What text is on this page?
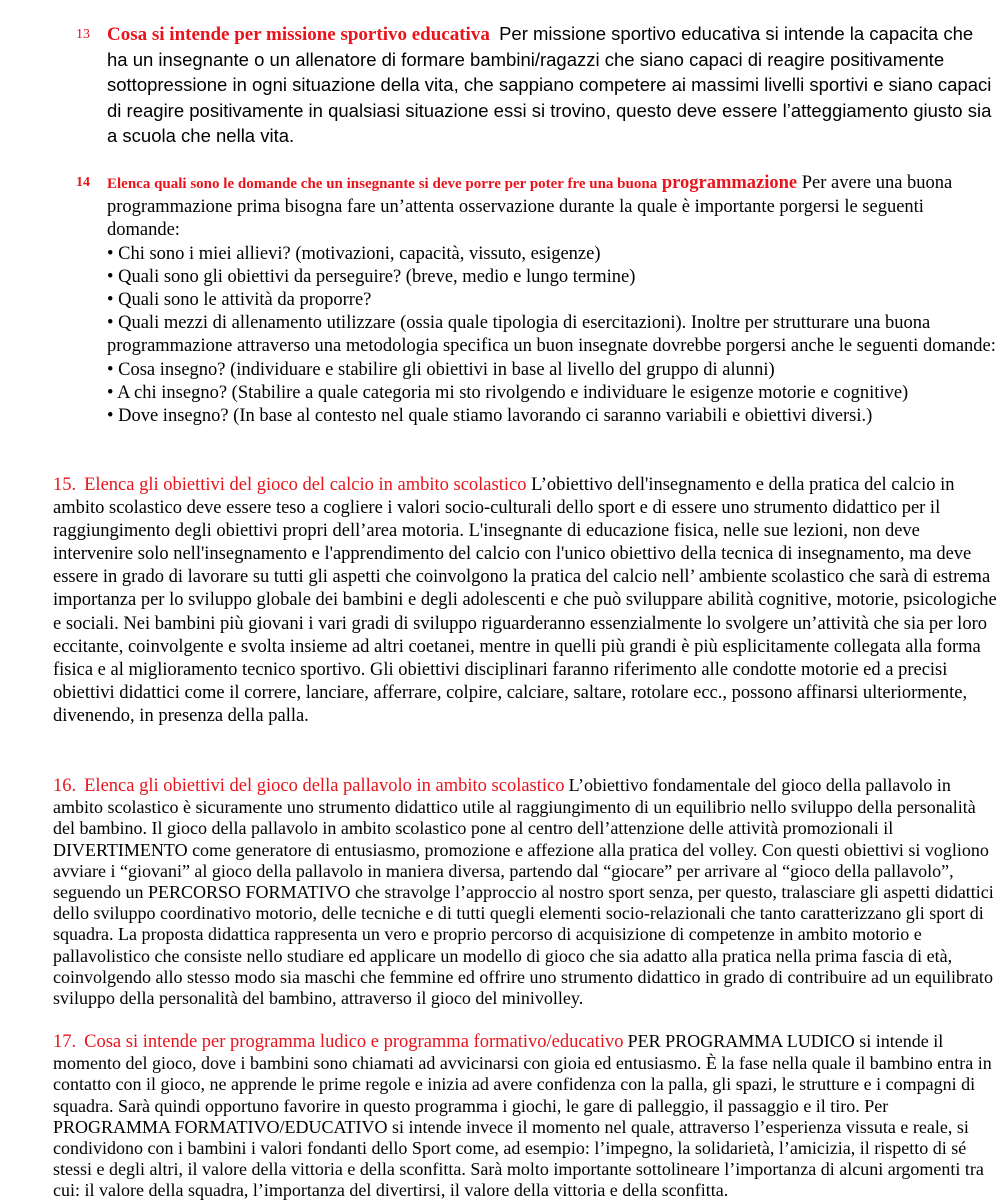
13 Cosa si intende per missione sportivo educativa Per missione sportivo educativa si intende la capacita che ha un insegnante o un allenatore di formare bambini/ragazzi che siano capaci di reagire positivamente sottopressione in ogni situazione della vita, che sappiano competere ai massimi livelli sportivi e siano capaci di reagire positivamente in qualsiasi situazione essi si trovino, questo deve essere l’atteggiamento giusto sia a scuola che nella vita.

14 Elenca quali sono le domande che un insegnante si deve porre per poter fre una buona programmazione Per avere una buona programmazione prima bisogna fare un’attenta osservazione durante la quale è importante porgersi le seguenti domande:

• Chi sono i miei allievi? (motivazioni, capacità, vissuto, esigenze)
• Quali sono gli obiettivi da perseguire? (breve, medio e lungo termine)
• Quali sono le attività da proporre?
• Quali mezzi di allenamento utilizzare (ossia quale tipologia di esercitazioni). Inoltre per strutturare una buona programmazione attraverso una metodologia specifica un buon insegnate dovrebbe porgersi anche le seguenti domande:
• Cosa insegno? (individuare e stabilire gli obiettivi in base al livello del gruppo di alunni)
• A chi insegno? (Stabilire a quale categoria mi sto rivolgendo e individuare le esigenze motorie e cognitive)
• Dove insegno? (In base al contesto nel quale stiamo lavorando ci saranno variabili e obiettivi diversi.)

15. Elenca gli obiettivi del gioco del calcio in ambito scolastico L’obiettivo dell'insegnamento e della pratica del calcio in ambito scolastico deve essere teso a cogliere i valori socio-culturali dello sport e di essere uno strumento didattico per il raggiungimento degli obiettivi propri dell’area motoria. L'insegnante di educazione fisica, nelle sue lezioni, non deve intervenire solo nell'insegnamento e l'apprendimento del calcio con l'unico obiettivo della tecnica di insegnamento, ma deve essere in grado di lavorare su tutti gli aspetti che coinvolgono la pratica del calcio nell’ ambiente scolastico che sarà di estrema importanza per lo sviluppo globale dei bambini e degli adolescenti e che può sviluppare abilità cognitive, motorie, psicologiche e sociali. Nei bambini più giovani i vari gradi di sviluppo riguarderanno essenzialmente lo svolgere un’attività che sia per loro eccitante, coinvolgente e svolta insieme ad altri coetanei, mentre in quelli più grandi è più esplicitamente collegata alla forma fisica e al miglioramento tecnico sportivo. Gli obiettivi disciplinari faranno riferimento alle condotte motorie ed a precisi obiettivi didattici come il correre, lanciare, afferrare, colpire, calciare, saltare, rotolare ecc., possono affinarsi ulteriormente, divenendo, in presenza della palla.

16. Elenca gli obiettivi del gioco della pallavolo in ambito scolastico L’obiettivo fondamentale del gioco della pallavolo in ambito scolastico è sicuramente uno strumento didattico utile al raggiungimento di un equilibrio nello sviluppo della personalità del bambino. Il gioco della pallavolo in ambito scolastico pone al centro dell’attenzione delle attività promozionali il DIVERTIMENTO come generatore di entusiasmo, promozione e affezione alla pratica del volley. Con questi obiettivi si vogliono avviare i “giovani” al gioco della pallavolo in maniera diversa, partendo dal “giocare” per arrivare al “gioco della pallavolo”, seguendo un PERCORSO FORMATIVO che stravolge l’approccio al nostro sport senza, per questo, tralasciare gli aspetti didattici dello sviluppo coordinativo motorio, delle tecniche e di tutti quegli elementi socio-relazionali che tanto caratterizzano gli sport di squadra. La proposta didattica rappresenta un vero e proprio percorso di acquisizione di competenze in ambito motorio e pallavolistico che consiste nello studiare ed applicare un modello di gioco che sia adatto alla pratica nella prima fascia di età, coinvolgendo allo stesso modo sia maschi che femmine ed offrire uno strumento didattico in grado di contribuire ad un equilibrato sviluppo della personalità del bambino, attraverso il gioco del minivolley.

17. Cosa si intende per programma ludico e programma formativo/educativo PER PROGRAMMA LUDICO si intende il momento del gioco, dove i bambini sono chiamati ad avvicinarsi con gioia ed entusiasmo. È la fase nella quale il bambino entra in contatto con il gioco, ne apprende le prime regole e inizia ad avere confidenza con la palla, gli spazi, le strutture e i compagni di squadra. Sarà quindi opportuno favorire in questo programma i giochi, le gare di palleggio, il passaggio e il tiro. Per PROGRAMMA FORMATIVO/EDUCATIVO si intende invece il momento nel quale, attraverso l’esperienza vissuta e reale, si condividono con i bambini i valori fondanti dello Sport come, ad esempio: l’impegno, la solidarietà, l’amicizia, il rispetto di sé stessi e degli altri, il valore della vittoria e della sconfitta. Sarà molto importante sottolineare l’importanza di alcuni argomenti tra cui: il valore della squadra, l’importanza del divertirsi, il valore della vittoria e della sconfitta.
